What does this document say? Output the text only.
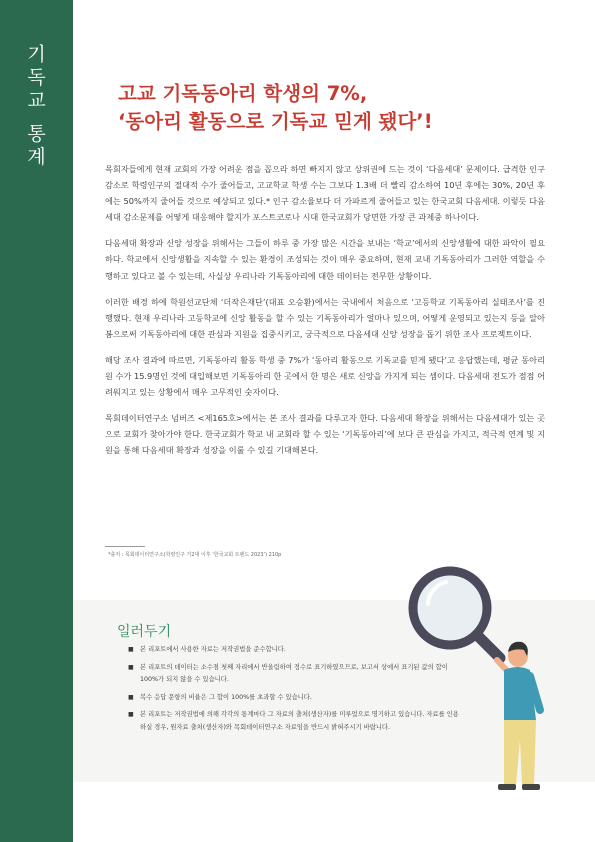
기독교 통계	고교 기독동아리 학생의 7%,
‘동아리 활동으로 기독교 믿게 됐다’!

목회자들에게 현재 교회의 가장 어려운 점을 꼽으라 하면 빠지지 않고 상위권에 드는 것이 ‘다음세대’ 문제이다. 급격한 인구 감소로 학령인구의 절대적 수가 줄어들고, 고교학교 학생 수는 그보다 1.3배 더 빨리 감소하여 10년 후에는 30%, 20년 후에는 50%까지 줄어들 것으로 예상되고 있다.* 인구 감소율보다 더 가파르게 줄어들고 있는 한국교회 다음세대. 이렇듯 다음세대 감소문제를 어떻게 대응해야 할지가 포스트코로나 시대 한국교회가 당면한 가장 큰 과제중 하나이다.

다음세대 확장과 신앙 성장을 위해서는 그들이 하루 중 가장 많은 시간을 보내는 ‘학교’에서의 신앙생활에 대한 파악이 필요하다. 학교에서 신앙생활을 지속할 수 있는 환경이 조성되는 것이 매우 중요하며, 현재 교내 기독동아리가 그러한 역할을 수행하고 있다고 볼 수 있는데, 사실상 우리나라 기독동아리에 대한 데이터는 전무한 상황이다.

이러한 배경 하에 학원선교단체 ‘더작은재단’(대표 오승환)에서는 국내에서 처음으로 ‘고등학교 기독동아리 실태조사’를 진행했다. 현재 우리나라 고등학교에 신앙 활동을 할 수 있는 기독동아리가 얼마나 있으며, 어떻게 운영되고 있는지 등을 알아봄으로써 기독동아리에 대한 관심과 지원을 집중시키고, 궁극적으로 다음세대 신앙 성장을 돕기 위한 조사 프로젝트이다.

해당 조사 결과에 따르면, 기독동아리 활동 학생 중 7%가 ‘동아리 활동으로 기독교를 믿게 됐다’고 응답했는데, 평균 동아리원 수가 15.9명인 것에 대입해보면 기독동아리 한 곳에서 한 명은 새로 신앙을 가지게 되는 셈이다. 다음세대 전도가 점점 어려워지고 있는 상황에서 매우 고무적인 숫자이다.

목회데이터연구소 넘버즈 <제165호>에서는 본 조사 결과를 다루고자 한다. 다음세대 확장을 위해서는 다음세대가 있는 곳으로 교회가 찾아가야 한다. 한국교회가 학교 내 교회라 할 수 있는 ‘기독동아리’에 보다 큰 관심을 가지고, 적극적 연계 및 지원을 통해 다음세대 확장과 성장을 이룰 수 있길 기대해본다.

*출처 : 목회데이터연구소(학령인구 기2대 이후 ‘한국교회 트렌드 2023’) 210p
일러두기
■ 본 리포트에서 사용한 자료는 저작권법을 준수합니다.
■ 본 리포트의 데이터는 소수점 첫째 자리에서 반올림하여 정수로 표기하였으므로, 보고서 상에서 표기된 값의 합이 100%가 되지 않을 수 있습니다.
■ 복수 응답 문항의 비율은 그 합이 100%를 초과할 수 있습니다.
■ 본 리포트는 저작권법에 의해 각각의 통계마다 그 자료의 출처(생산자)를 미루었으로 명기하고 있습니다. 자료를 인용하실 경우, 원자료 출처(생산자)와 목회데이터연구소 자료임을 반드시 밝혀주시기 바랍니다.
